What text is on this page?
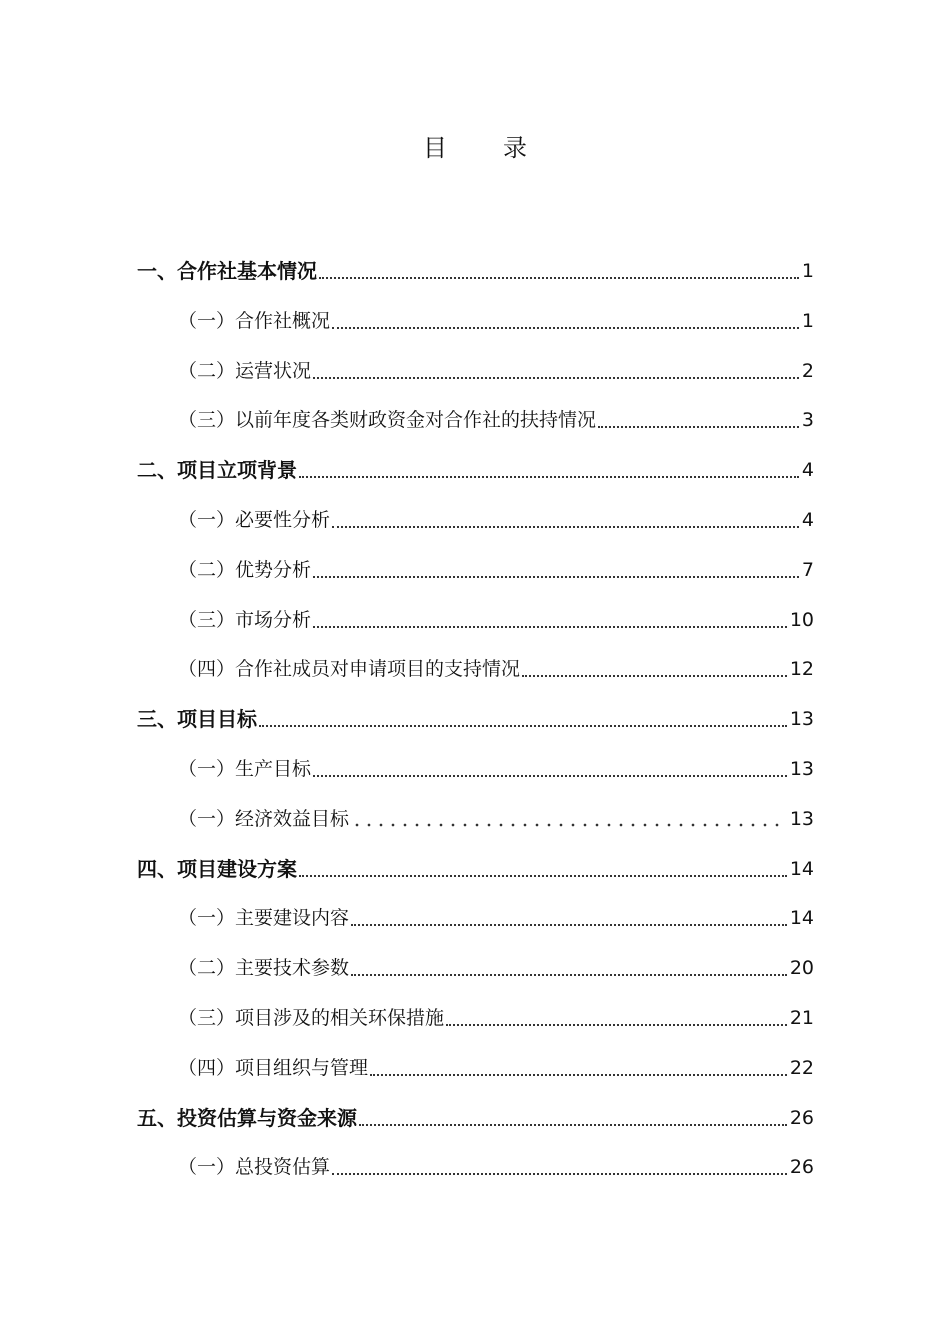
目录
一、合作社基本情况	1
（一）合作社概况	1
（二）运营状况	2
（三）以前年度各类财政资金对合作社的扶持情况	3
二、项目立项背景	4
（一）必要性分析	4
（二）优势分析	7
（三）市场分析	10
（四）合作社成员对申请项目的支持情况	12
三、项目目标	13
（一）生产目标	13
（一）经济效益目标	13
四、项目建设方案	14
（一）主要建设内容	14
（二）主要技术参数	20
（三）项目涉及的相关环保措施	21
（四）项目组织与管理	22
五、投资估算与资金来源	26
（一）总投资估算	26
